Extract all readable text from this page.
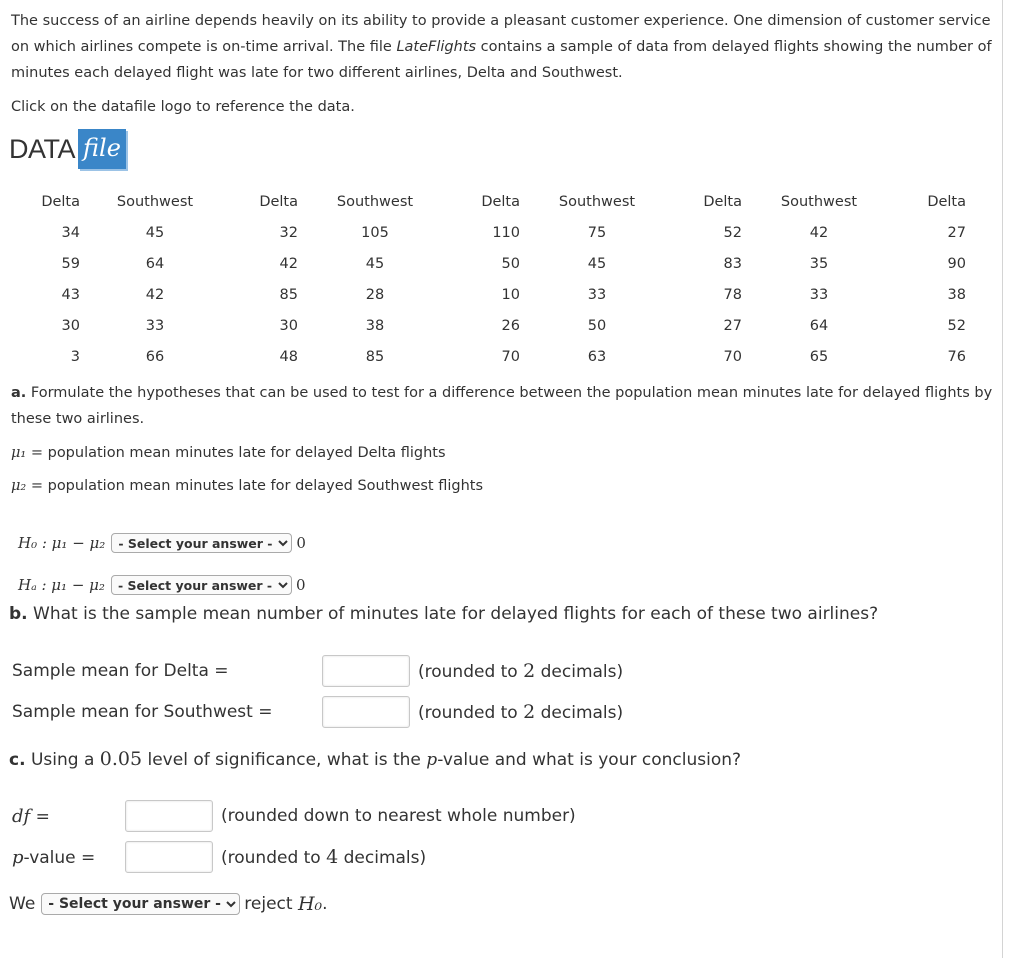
The success of an airline depends heavily on its ability to provide a pleasant customer experience. One dimension of customer service on which airlines compete is on-time arrival. The file LateFlights contains a sample of data from delayed flights showing the number of minutes each delayed flight was late for two different airlines, Delta and Southwest.
Click on the datafile logo to reference the data.
DATA file
Delta	Southwest	Delta	Southwest	Delta	Southwest	Delta	Southwest	Delta
34	45	32	105	110	75	52	42	27
59	64	42	45	50	45	83	35	90
43	42	85	28	10	33	78	33	38
30	33	30	38	26	50	27	64	52
3	66	48	85	70	63	70	65	76
a. Formulate the hypotheses that can be used to test for a difference between the population mean minutes late for delayed flights by these two airlines.
μ₁ = population mean minutes late for delayed Delta flights
μ₂ = population mean minutes late for delayed Southwest flights
H₀ : μ₁ − μ₂
- Select your answer -	0
Hₐ : μ₁ − μ₂
- Select your answer -	0
b. What is the sample mean number of minutes late for delayed flights for each of these two airlines?
Sample mean for Delta =	(rounded to 2 decimals)
Sample mean for Southwest =	(rounded to 2 decimals)
c. Using a 0.05 level of significance, what is the p-value and what is your conclusion?
df =	(rounded down to nearest whole number)
p-value =	(rounded to 4 decimals)
We
- Select your answer -	reject
H₀ .
